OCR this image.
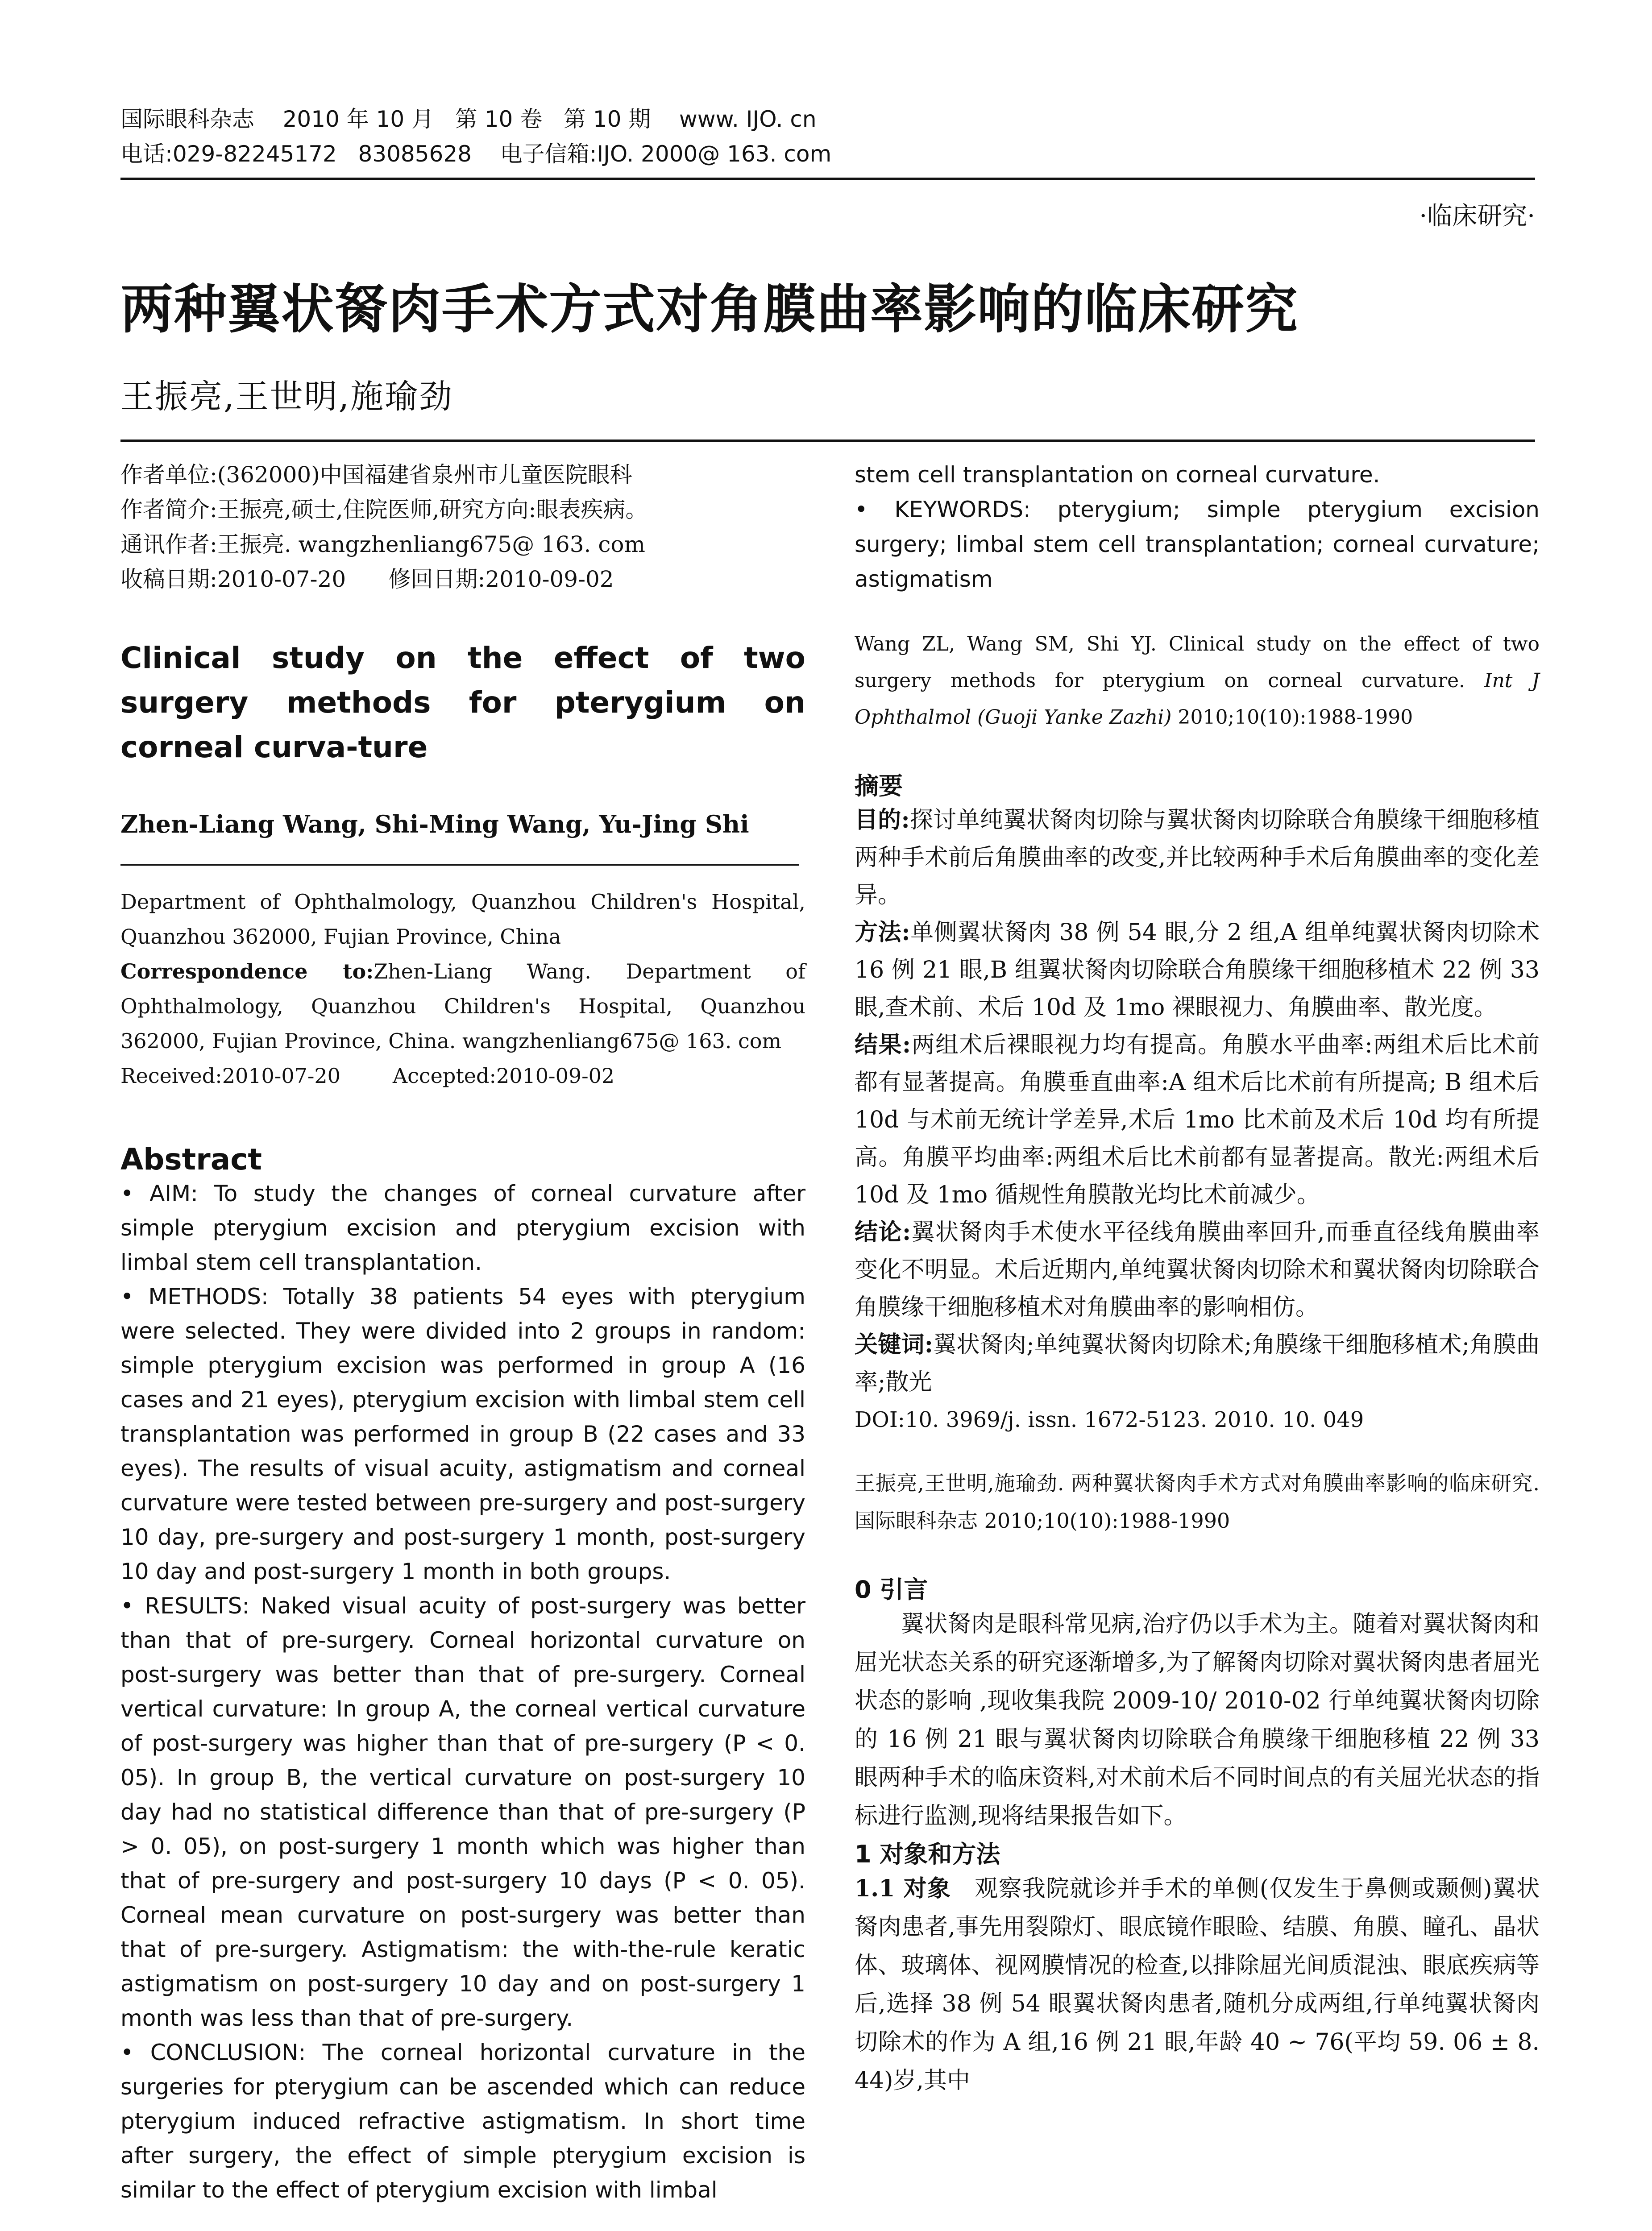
国际眼科杂志    2010 年 10 月   第 10 卷   第 10 期    www. IJO. cn
电话:029-82245172   83085628    电子信箱:IJO. 2000@ 163. com
·临床研究·
两种翼状胬肉手术方式对角膜曲率影响的临床研究
王振亮,王世明,施瑜劲
作者单位:(362000)中国福建省泉州市儿童医院眼科
作者简介:王振亮,硕士,住院医师,研究方向:眼表疾病。
通讯作者:王振亮. wangzhenliang675@ 163. com
收稿日期:2010-07-20      修回日期:2010-09-02
Clinical study on the effect of two surgery methods for pterygium on corneal curva-ture
Zhen-Liang Wang, Shi-Ming Wang, Yu-Jing Shi
Department of Ophthalmology, Quanzhou Children's Hospital, Quanzhou 362000, Fujian Province, China
Correspondence to:Zhen-Liang Wang. Department of Ophthalmology, Quanzhou Children's Hospital, Quanzhou 362000, Fujian Province, China. wangzhenliang675@ 163. com
Received:2010-07-20        Accepted:2010-09-02
Abstract

• AIM: To study the changes of corneal curvature after simple pterygium excision and pterygium excision with limbal stem cell transplantation.

• METHODS: Totally 38 patients 54 eyes with pterygium were selected. They were divided into 2 groups in random: simple pterygium excision was performed in group A (16 cases and 21 eyes), pterygium excision with limbal stem cell transplantation was performed in group B (22 cases and 33 eyes). The results of visual acuity, astigmatism and corneal curvature were tested between pre-surgery and post-surgery 10 day, pre-surgery and post-surgery 1 month, post-surgery 10 day and post-surgery 1 month in both groups.

• RESULTS: Naked visual acuity of post-surgery was better than that of pre-surgery. Corneal horizontal curvature on post-surgery was better than that of pre-surgery. Corneal vertical curvature: In group A, the corneal vertical curvature of post-surgery was higher than that of pre-surgery (P < 0. 05). In group B, the vertical curvature on post-surgery 10 day had no statistical difference than that of pre-surgery (P > 0. 05), on post-surgery 1 month which was higher than that of pre-surgery and post-surgery 10 days (P < 0. 05). Corneal mean curvature on post-surgery was better than that of pre-surgery. Astigmatism: the with-the-rule keratic astigmatism on post-surgery 10 day and on post-surgery 1 month was less than that of pre-surgery.

• CONCLUSION: The corneal horizontal curvature in the surgeries for pterygium can be ascended which can reduce pterygium induced refractive astigmatism. In short time after surgery, the effect of simple pterygium excision is similar to the effect of pterygium excision with limbal

stem cell transplantation on corneal curvature.

• KEYWORDS: pterygium; simple pterygium excision surgery; limbal stem cell transplantation; corneal curvature; astigmatism

Wang ZL, Wang SM, Shi YJ. Clinical study on the effect of two surgery methods for pterygium on corneal curvature. Int J Ophthalmol (Guoji Yanke Zazhi) 2010;10(10):1988-1990
摘要

目的:探讨单纯翼状胬肉切除与翼状胬肉切除联合角膜缘干细胞移植两种手术前后角膜曲率的改变,并比较两种手术后角膜曲率的变化差异。

方法:单侧翼状胬肉 38 例 54 眼,分 2 组,A 组单纯翼状胬肉切除术 16 例 21 眼,B 组翼状胬肉切除联合角膜缘干细胞移植术 22 例 33 眼,查术前、术后 10d 及 1mo 裸眼视力、角膜曲率、散光度。

结果:两组术后裸眼视力均有提高。角膜水平曲率:两组术后比术前都有显著提高。角膜垂直曲率:A 组术后比术前有所提高; B 组术后 10d 与术前无统计学差异,术后 1mo 比术前及术后 10d 均有所提高。角膜平均曲率:两组术后比术前都有显著提高。散光:两组术后 10d 及 1mo 循规性角膜散光均比术前减少。

结论:翼状胬肉手术使水平径线角膜曲率回升,而垂直径线角膜曲率变化不明显。术后近期内,单纯翼状胬肉切除术和翼状胬肉切除联合角膜缘干细胞移植术对角膜曲率的影响相仿。

关键词:翼状胬肉;单纯翼状胬肉切除术;角膜缘干细胞移植术;角膜曲率;散光

DOI:10. 3969/j. issn. 1672-5123. 2010. 10. 049
王振亮,王世明,施瑜劲. 两种翼状胬肉手术方式对角膜曲率影响的临床研究. 国际眼科杂志 2010;10(10):1988-1990
0 引言

翼状胬肉是眼科常见病,治疗仍以手术为主。随着对翼状胬肉和屈光状态关系的研究逐渐增多,为了解胬肉切除对翼状胬肉患者屈光状态的影响 ,现收集我院 2009-10/ 2010-02 行单纯翼状胬肉切除的 16 例 21 眼与翼状胬肉切除联合角膜缘干细胞移植 22 例 33 眼两种手术的临床资料,对术前术后不同时间点的有关屈光状态的指标进行监测,现将结果报告如下。

1 对象和方法

1.1 对象 观察我院就诊并手术的单侧(仅发生于鼻侧或颞侧)翼状胬肉患者,事先用裂隙灯、眼底镜作眼睑、结膜、角膜、瞳孔、晶状体、玻璃体、视网膜情况的检查,以排除屈光间质混浊、眼底疾病等后,选择 38 例 54 眼翼状胬肉患者,随机分成两组,行单纯翼状胬肉切除术的作为 A 组,16 例 21 眼,年龄 40 ~ 76(平均 59. 06 ± 8. 44)岁,其中
